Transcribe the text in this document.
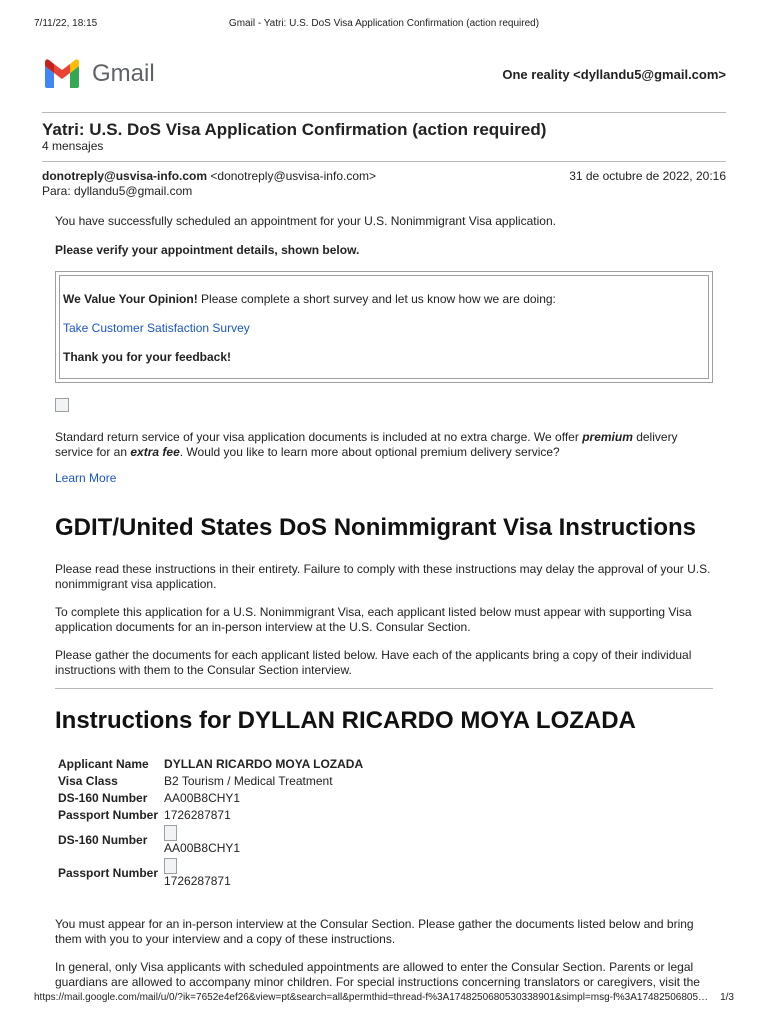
7/11/22, 18:15	Gmail - Yatri: U.S. DoS Visa Application Confirmation (action required)
Gmail	One reality <dyllandu5@gmail.com>
Yatri: U.S. DoS Visa Application Confirmation (action required)
4 mensajes
donotreply@usvisa-info.com <donotreply@usvisa-info.com>	31 de octubre de 2022, 20:16
Para: dyllandu5@gmail.com
You have successfully scheduled an appointment for your U.S. Nonimmigrant Visa application.
Please verify your appointment details, shown below.
We Value Your Opinion! Please complete a short survey and let us know how we are doing:
Take Customer Satisfaction Survey
Thank you for your feedback!
Standard return service of your visa application documents is included at no extra charge. We offer premium delivery service for an extra fee. Would you like to learn more about optional premium delivery service?
Learn More
GDIT/United States DoS Nonimmigrant Visa Instructions
Please read these instructions in their entirety. Failure to comply with these instructions may delay the approval of your U.S. nonimmigrant visa application.
To complete this application for a U.S. Nonimmigrant Visa, each applicant listed below must appear with supporting Visa application documents for an in-person interview at the U.S. Consular Section.
Please gather the documents for each applicant listed below. Have each of the applicants bring a copy of their individual instructions with them to the Consular Section interview.
Instructions for DYLLAN RICARDO MOYA LOZADA
Applicant Name	DYLLAN RICARDO MOYA LOZADA
Visa Class	B2 Tourism / Medical Treatment
DS-160 Number	AA00B8CHY1
Passport Number	1726287871
DS-160 Number	AA00B8CHY1

Passport Number	1726287871
You must appear for an in-person interview at the Consular Section. Please gather the documents listed below and bring them with you to your interview and a copy of these instructions.
In general, only Visa applicants with scheduled appointments are allowed to enter the Consular Section. Parents or legal guardians are allowed to accompany minor children. For special instructions concerning translators or caregivers, visit the
https://mail.google.com/mail/u/0/?ik=7652e4ef26&view=pt&search=all&permthid=thread-f%3A1748250680530338901&simpl=msg-f%3A17482506805…	1/3
